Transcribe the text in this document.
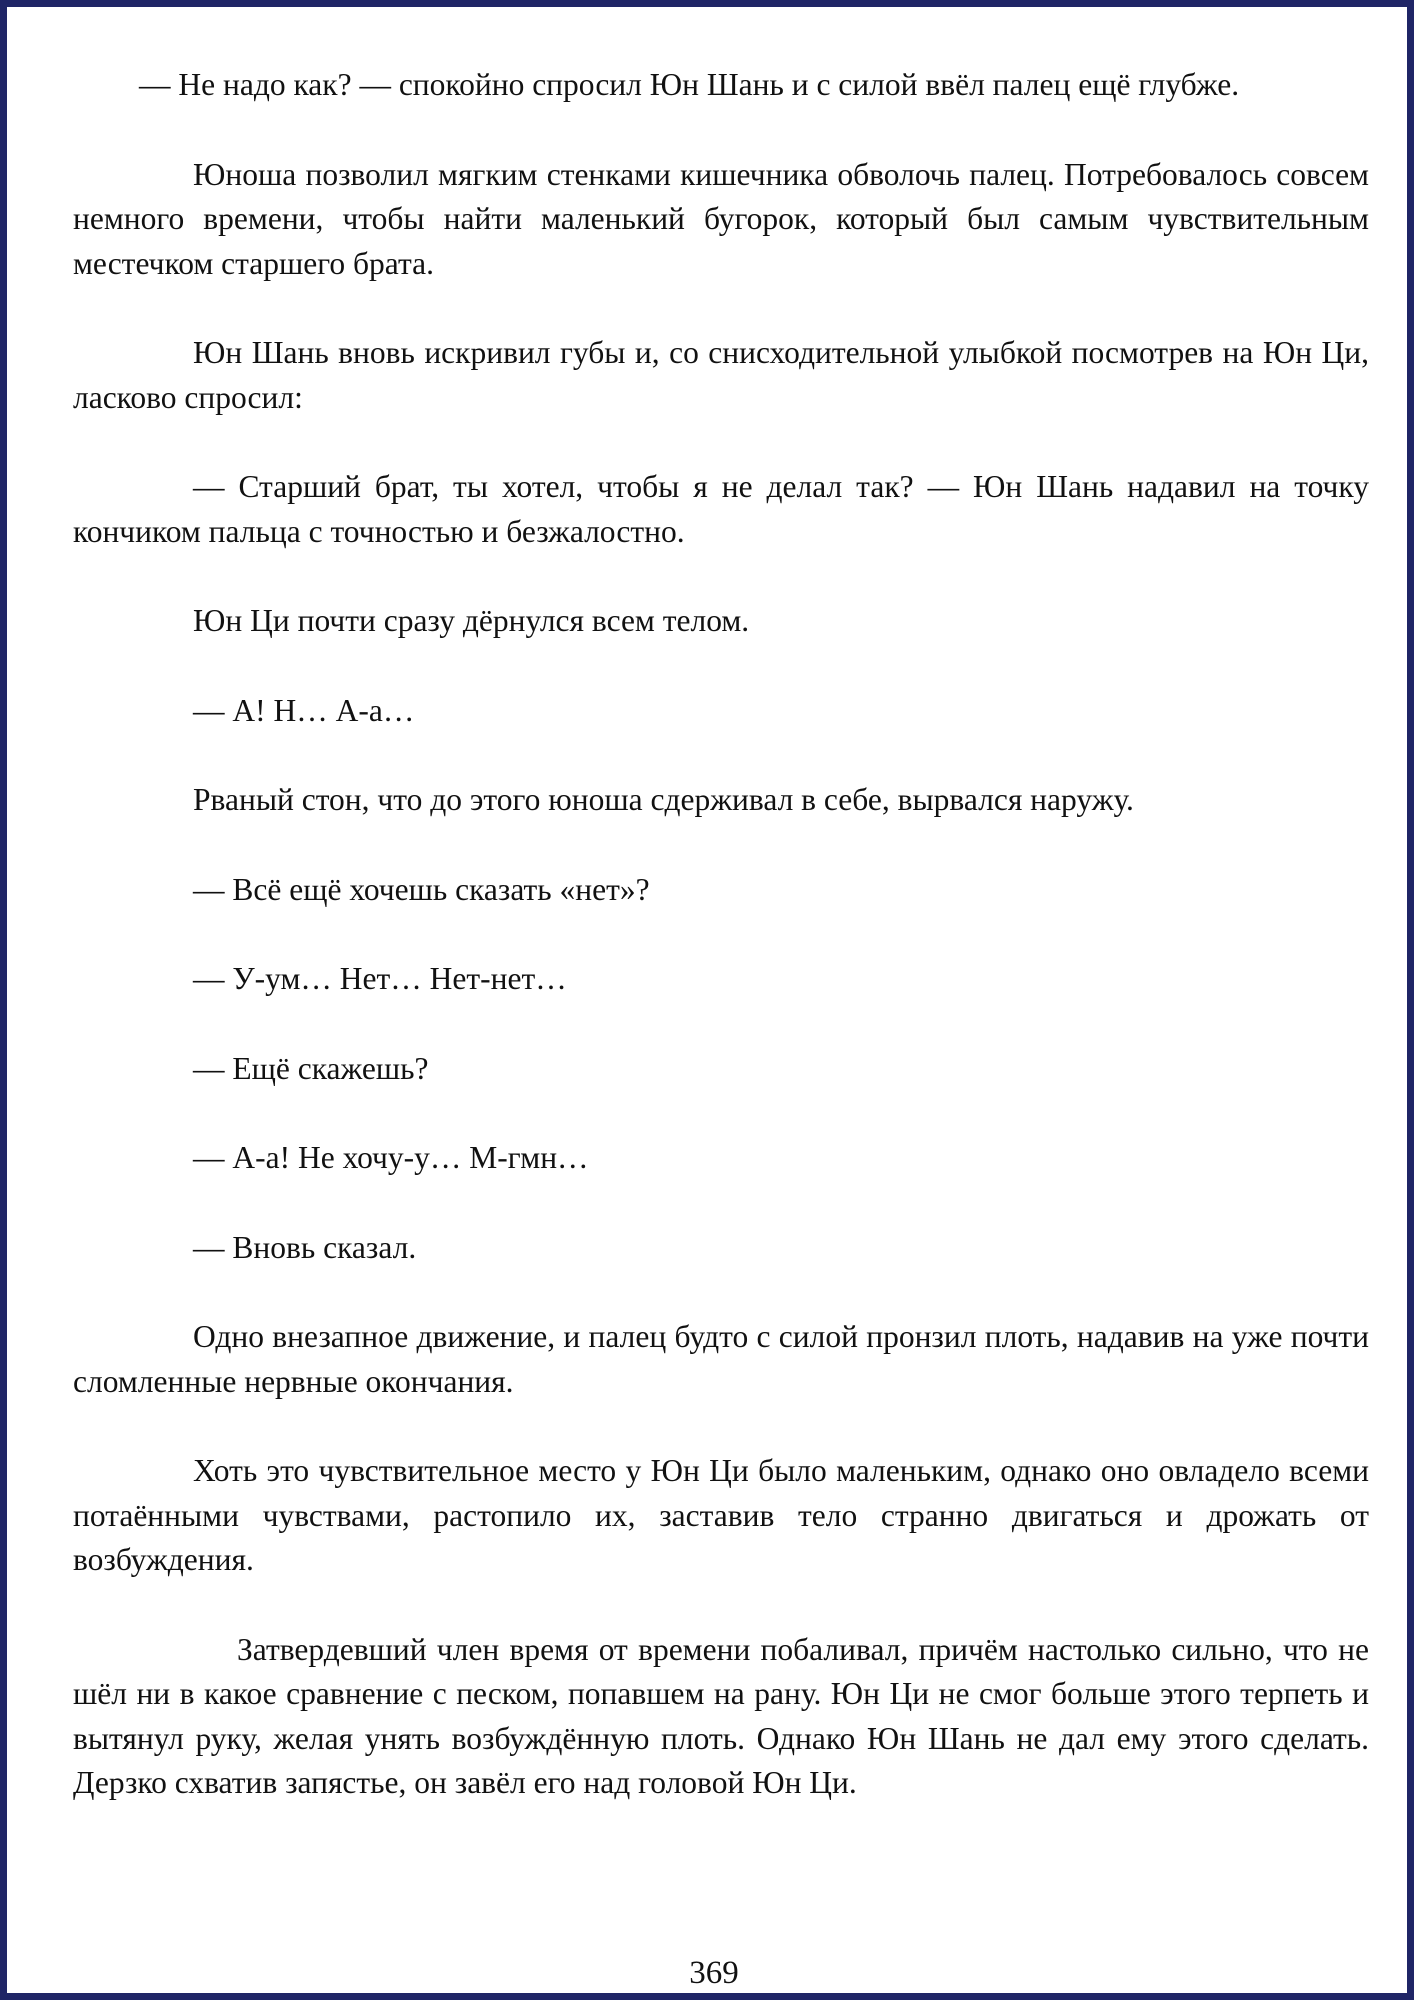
— Не надо как? — спокойно спросил Юн Шань и с силой ввёл палец ещё глубже.

Юноша позволил мягким стенками кишечника обволочь палец. Потребовалось совсем немного времени, чтобы найти маленький бугорок, который был самым чувствительным местечком старшего брата.

Юн Шань вновь искривил губы и, со снисходительной улыбкой посмотрев на Юн Ци, ласково спросил:

— Старший брат, ты хотел, чтобы я не делал так? — Юн Шань надавил на точку кончиком пальца с точностью и безжалостно.

Юн Ци почти сразу дёрнулся всем телом.

— А! Н… А-а…

Рваный стон, что до этого юноша сдерживал в себе, вырвался наружу.

— Всё ещё хочешь сказать «нет»?

— У-ум… Нет… Нет-нет…

— Ещё скажешь?

— А-а! Не хочу-у… М-гмн…

— Вновь сказал.

Одно внезапное движение, и палец будто с силой пронзил плоть, надавив на уже почти сломленные нервные окончания.

Хоть это чувствительное место у Юн Ци было маленьким, однако оно овладело всеми потаёнными чувствами, растопило их, заставив тело странно двигаться и дрожать от возбуждения.

Затвердевший член время от времени побаливал, причём настолько сильно, что не шёл ни в какое сравнение с песком, попавшем на рану. Юн Ци не смог больше этого терпеть и вытянул руку, желая унять возбуждённую плоть. Однако Юн Шань не дал ему этого сделать. Дерзко схватив запястье, он завёл его над головой Юн Ци.

369
